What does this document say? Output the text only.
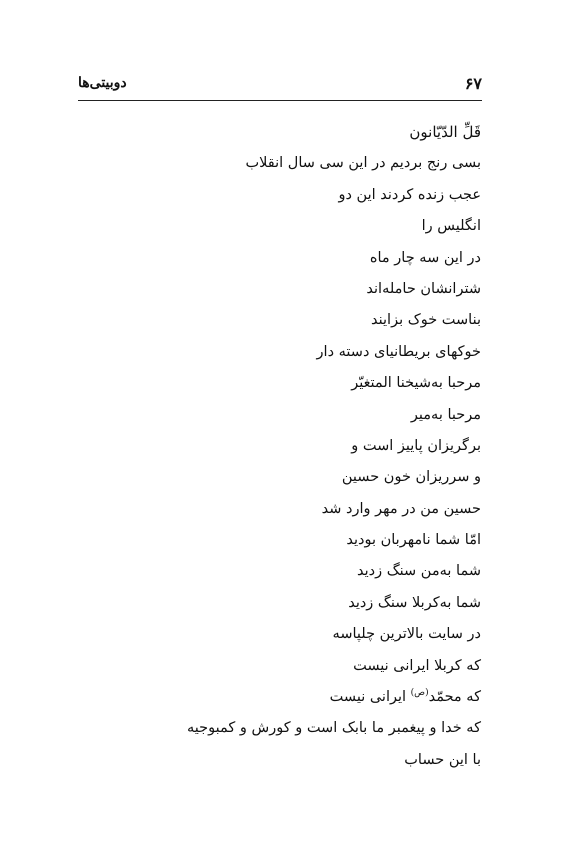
۶۷
دوبیتی‌ها
قَلِّ الدّیّانون
بسی رنج بردیم در این سی سال انقلاب
عجب زنده کردند این دو
انگلیس را
در این سه چار ماه
شترانشان حامله‌اند
بناست خوک بزایند
خوکهای بریطانیای دسته دار
مرحبا به‌شیخنا المتغیّر
مرحبا به‌میر
برگریزان پاییز است و
و سرریزان خون حسین
حسین من در مهر وارد شد
امّا شما نامهربان بودید
شما به‌من سنگ زدید
شما به‌کربلا سنگ زدید
در سایت بالاترین چلپاسه
که کربلا ایرانی نیست
که محمّد$^{(ص)}$ ایرانی نیست
که خدا و پیغمبر ما بابک است و کورش و کمبوجیه
با این حساب
